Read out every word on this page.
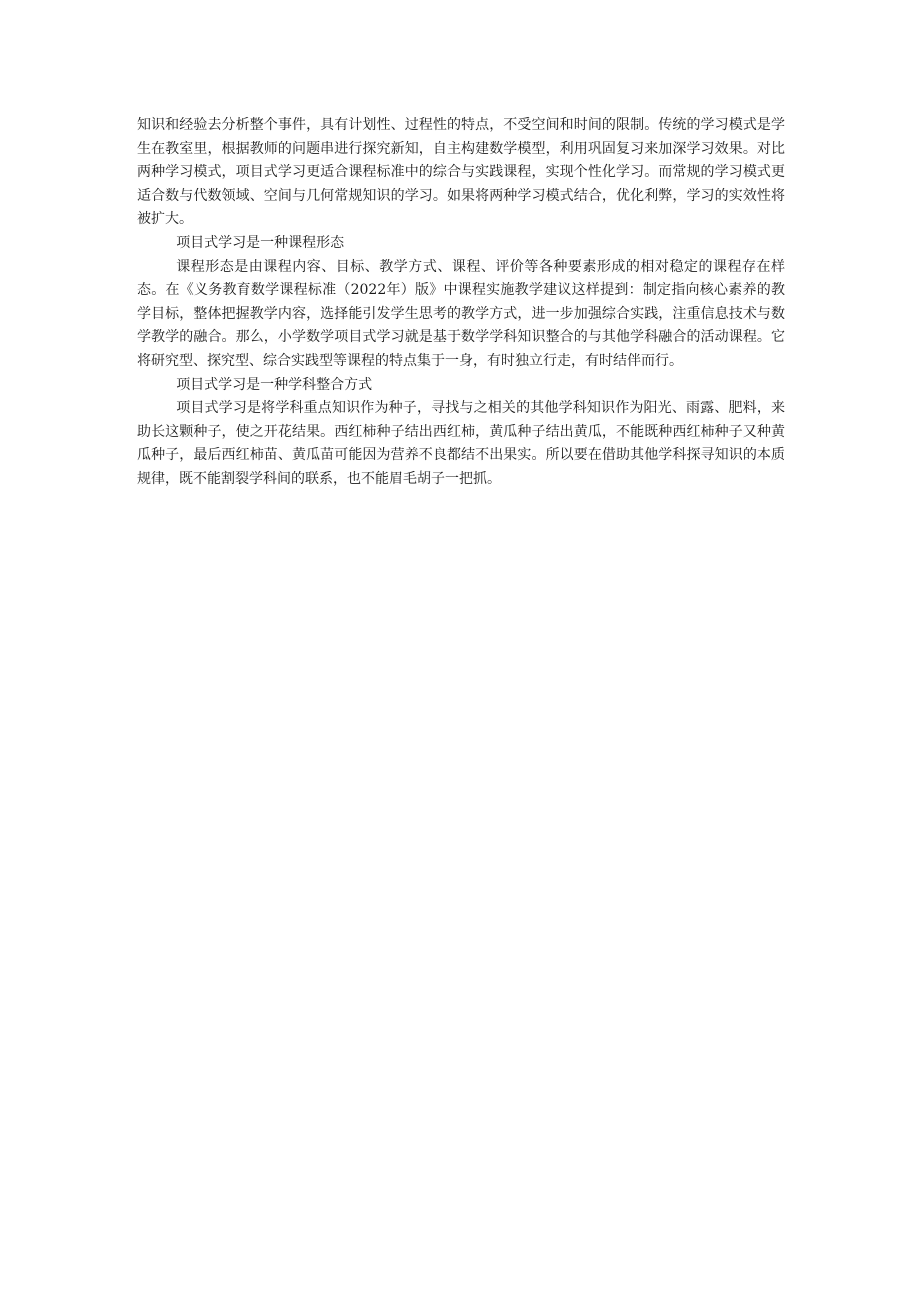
知识和经验去分析整个事件，具有计划性、过程性的特点，不受空间和时间的限制。传统的学习模式是学生在教室里，根据教师的问题串进行探究新知，自主构建数学模型，利用巩固复习来加深学习效果。对比两种学习模式，项目式学习更适合课程标准中的综合与实践课程，实现个性化学习。而常规的学习模式更适合数与代数领域、空间与几何常规知识的学习。如果将两种学习模式结合，优化利弊，学习的实效性将被扩大。

项目式学习是一种课程形态

课程形态是由课程内容、目标、教学方式、课程、评价等各种要素形成的相对稳定的课程存在样态。在《义务教育数学课程标准（2022年）版》中课程实施教学建议这样提到：制定指向核心素养的教学目标，整体把握教学内容，选择能引发学生思考的教学方式，进一步加强综合实践，注重信息技术与数学教学的融合。那么，小学数学项目式学习就是基于数学学科知识整合的与其他学科融合的活动课程。它将研究型、探究型、综合实践型等课程的特点集于一身，有时独立行走，有时结伴而行。

项目式学习是一种学科整合方式

项目式学习是将学科重点知识作为种子，寻找与之相关的其他学科知识作为阳光、雨露、肥料，来助长这颗种子，使之开花结果。西红柿种子结出西红柿，黄瓜种子结出黄瓜，不能既种西红柿种子又种黄瓜种子，最后西红柿苗、黄瓜苗可能因为营养不良都结不出果实。所以要在借助其他学科探寻知识的本质规律，既不能割裂学科间的联系，也不能眉毛胡子一把抓。
